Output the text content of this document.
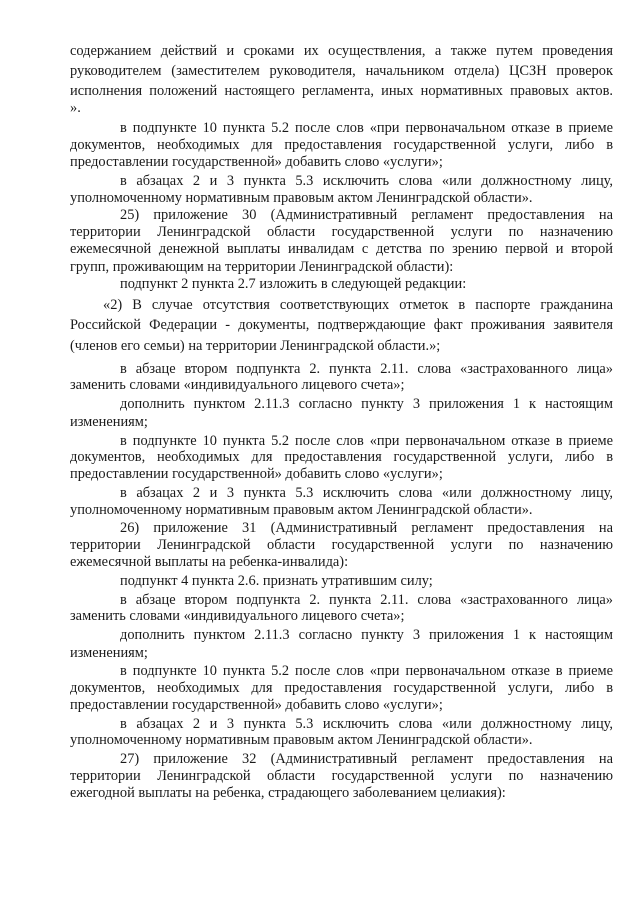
содержанием действий и сроками их осуществления, а также путем проведения
руководителем (заместителем руководителя, начальником отдела) ЦСЗН проверок
исполнения положений настоящего регламента, иных нормативных правовых актов.
».
в подпункте 10 пункта 5.2 после слов «при первоначальном отказе в приеме
документов, необходимых для предоставления государственной услуги, либо в
предоставлении государственной» добавить слово «услуги»;
в абзацах 2 и 3 пункта 5.3 исключить слова «или должностному лицу,
уполномоченному нормативным правовым актом Ленинградской области».
25) приложение 30 (Административный регламент предоставления на
территории Ленинградской области государственной услуги по назначению
ежемесячной денежной выплаты инвалидам с детства по зрению первой и второй
групп, проживающим на территории Ленинградской области):
подпункт 2 пункта 2.7 изложить в следующей редакции:
«2) В случае отсутствия соответствующих отметок в паспорте гражданина
Российской Федерации - документы, подтверждающие факт проживания заявителя
(членов его семьи) на территории Ленинградской области.»;
в абзаце втором подпункта 2. пункта 2.11. слова «застрахованного лица»
заменить словами «индивидуального лицевого счета»;
дополнить пунктом 2.11.3 согласно пункту 3 приложения 1 к настоящим
изменениям;
в подпункте 10 пункта 5.2 после слов «при первоначальном отказе в приеме
документов, необходимых для предоставления государственной услуги, либо в
предоставлении государственной» добавить слово «услуги»;
в абзацах 2 и 3 пункта 5.3 исключить слова «или должностному лицу,
уполномоченному нормативным правовым актом Ленинградской области».
26) приложение 31 (Административный регламент предоставления на
территории Ленинградской области государственной услуги по назначению
ежемесячной выплаты на ребенка-инвалида):
подпункт 4 пункта 2.6. признать утратившим силу;
в абзаце втором подпункта 2. пункта 2.11. слова «застрахованного лица»
заменить словами «индивидуального лицевого счета»;
дополнить пунктом 2.11.3 согласно пункту 3 приложения 1 к настоящим
изменениям;
в подпункте 10 пункта 5.2 после слов «при первоначальном отказе в приеме
документов, необходимых для предоставления государственной услуги, либо в
предоставлении государственной» добавить слово «услуги»;
в абзацах 2 и 3 пункта 5.3 исключить слова «или должностному лицу,
уполномоченному нормативным правовым актом Ленинградской области».
27) приложение 32 (Административный регламент предоставления на
территории Ленинградской области государственной услуги по назначению
ежегодной выплаты на ребенка, страдающего заболеванием целиакия):
